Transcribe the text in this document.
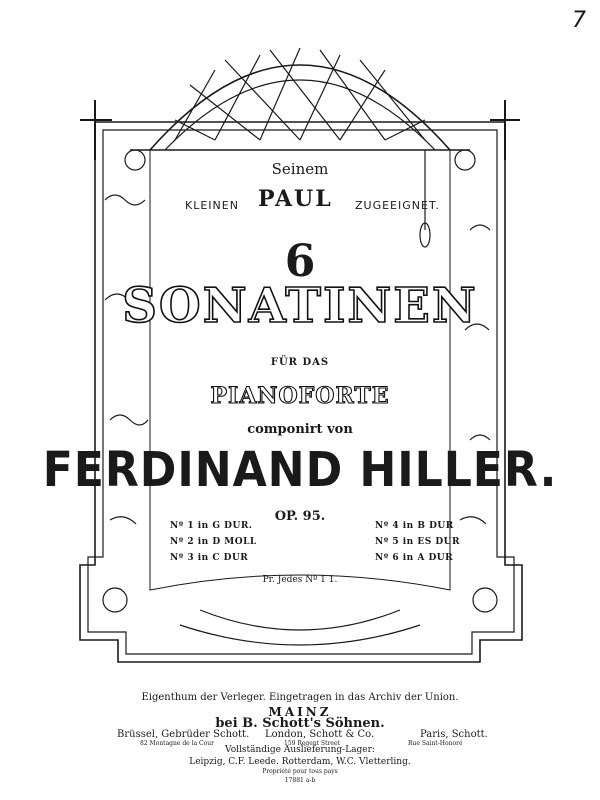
7
Seinem
KLEINEN PAUL ZUGEEIGNET.
6
SONATINEN
FÜR DAS
PIANOFORTE
componirt von
FERDINAND HILLER.
OP. 95.
Nº 1 in G DUR.
Nº 2 in D MOLL
Nº 3 in C DUR
Nº 4 in B DUR
Nº 5 in ES DUR
Nº 6 in A DUR
Pr. Jedes Nº 1 1.
Eigenthum der Verleger. Eingetragen in das Archiv der Union.
MAINZ
bei B. Schott's Söhnen.
Brüssel, Gebrüder Schott.
82 Montagne de la Cour
London, Schott & Co.
159 Regent Street
Paris, Schott.
Rue Saint-Honoré
Vollständige Auslieferung-Lager:
Leipzig, C.F. Leede. Rotterdam, W.C. Vletterling.
Propriété pour tous pays
17881 a-b
